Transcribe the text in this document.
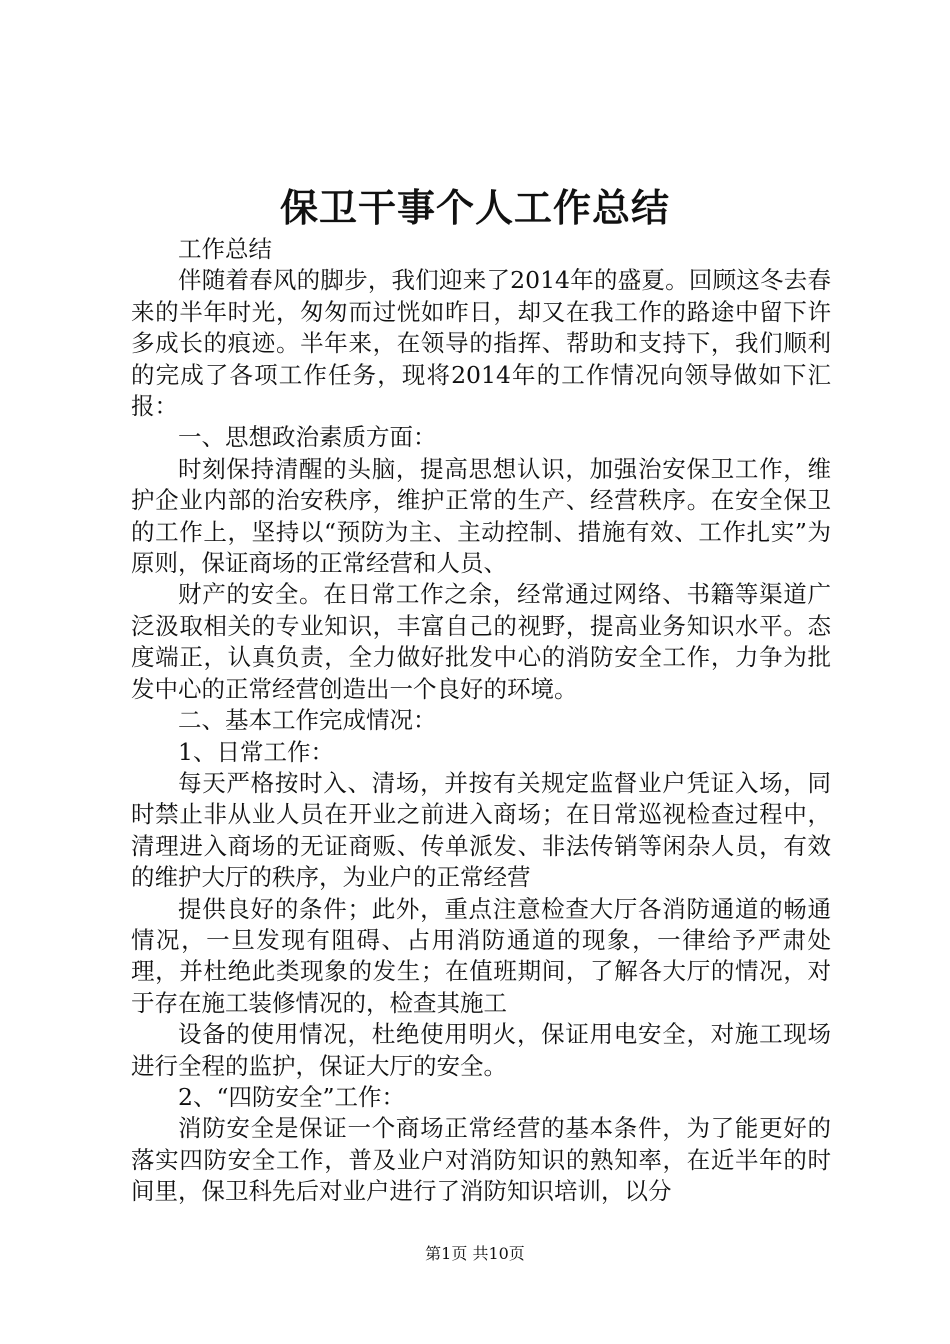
保卫干事个人工作总结

工作总结

伴随着春风的脚步，我们迎来了2014年的盛夏。回顾这冬去春来的半年时光，匆匆而过恍如昨日，却又在我工作的路途中留下许多成长的痕迹。半年来，在领导的指挥、帮助和支持下，我们顺利的完成了各项工作任务，现将2014年的工作情况向领导做如下汇报：

一、思想政治素质方面：

时刻保持清醒的头脑，提高思想认识，加强治安保卫工作，维护企业内部的治安秩序，维护正常的生产、经营秩序。在安全保卫的工作上，坚持以“预防为主、主动控制、措施有效、工作扎实”为原则，保证商场的正常经营和人员、

财产的安全。在日常工作之余，经常通过网络、书籍等渠道广泛汲取相关的专业知识，丰富自己的视野，提高业务知识水平。态度端正，认真负责，全力做好批发中心的消防安全工作，力争为批发中心的正常经营创造出一个良好的环境。

二、基本工作完成情况：

1、日常工作：

每天严格按时入、清场，并按有关规定监督业户凭证入场，同时禁止非从业人员在开业之前进入商场；在日常巡视检查过程中，清理进入商场的无证商贩、传单派发、非法传销等闲杂人员，有效的维护大厅的秩序，为业户的正常经营

提供良好的条件；此外，重点注意检查大厅各消防通道的畅通情况，一旦发现有阻碍、占用消防通道的现象，一律给予严肃处理，并杜绝此类现象的发生；在值班期间，了解各大厅的情况，对于存在施工装修情况的，检查其施工

设备的使用情况，杜绝使用明火，保证用电安全，对施工现场进行全程的监护，保证大厅的安全。

2、“四防安全”工作：

消防安全是保证一个商场正常经营的基本条件，为了能更好的落实四防安全工作，普及业户对消防知识的熟知率，在近半年的时间里，保卫科先后对业户进行了消防知识培训，以分

第1页 共10页
